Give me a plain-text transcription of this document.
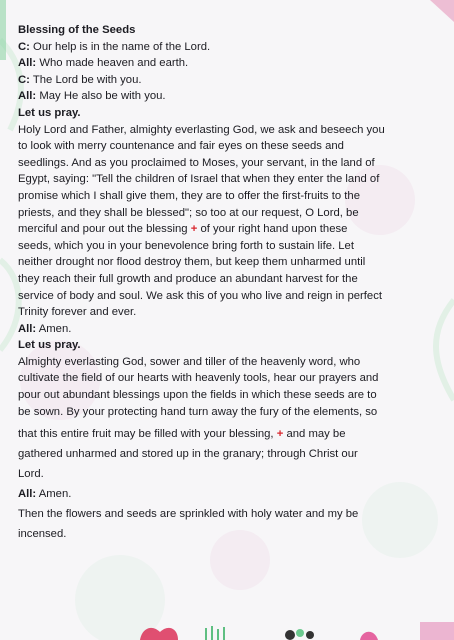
Blessing of the Seeds
C: Our help is in the name of the Lord.
All: Who made heaven and earth.
C: The Lord be with you.
All: May He also be with you.
Let us pray.
Holy Lord and Father, almighty everlasting God, we ask and beseech you
to look with merry countenance and fair eyes on these seeds and
seedlings. And as you proclaimed to Moses, your servant, in the land of
Egypt, saying: "Tell the children of Israel that when they enter the land of
promise which I shall give them, they are to offer the first-fruits to the
priests, and they shall be blessed"; so too at our request, O Lord, be
merciful and pour out the blessing + of your right hand upon these
seeds, which you in your benevolence bring forth to sustain life. Let
neither drought nor flood destroy them, but keep them unharmed until
they reach their full growth and produce an abundant harvest for the
service of body and soul. We ask this of you who live and reign in perfect
Trinity forever and ever.
All: Amen.
Let us pray.
Almighty everlasting God, sower and tiller of the heavenly word, who
cultivate the field of our hearts with heavenly tools, hear our prayers and
pour out abundant blessings upon the fields in which these seeds are to
be sown. By your protecting hand turn away the fury of the elements, so
that this entire fruit may be filled with your blessing, + and may be
gathered unharmed and stored up in the granary; through Christ our
Lord.
All: Amen.
Then the flowers and seeds are sprinkled with holy water and my be
incensed.
